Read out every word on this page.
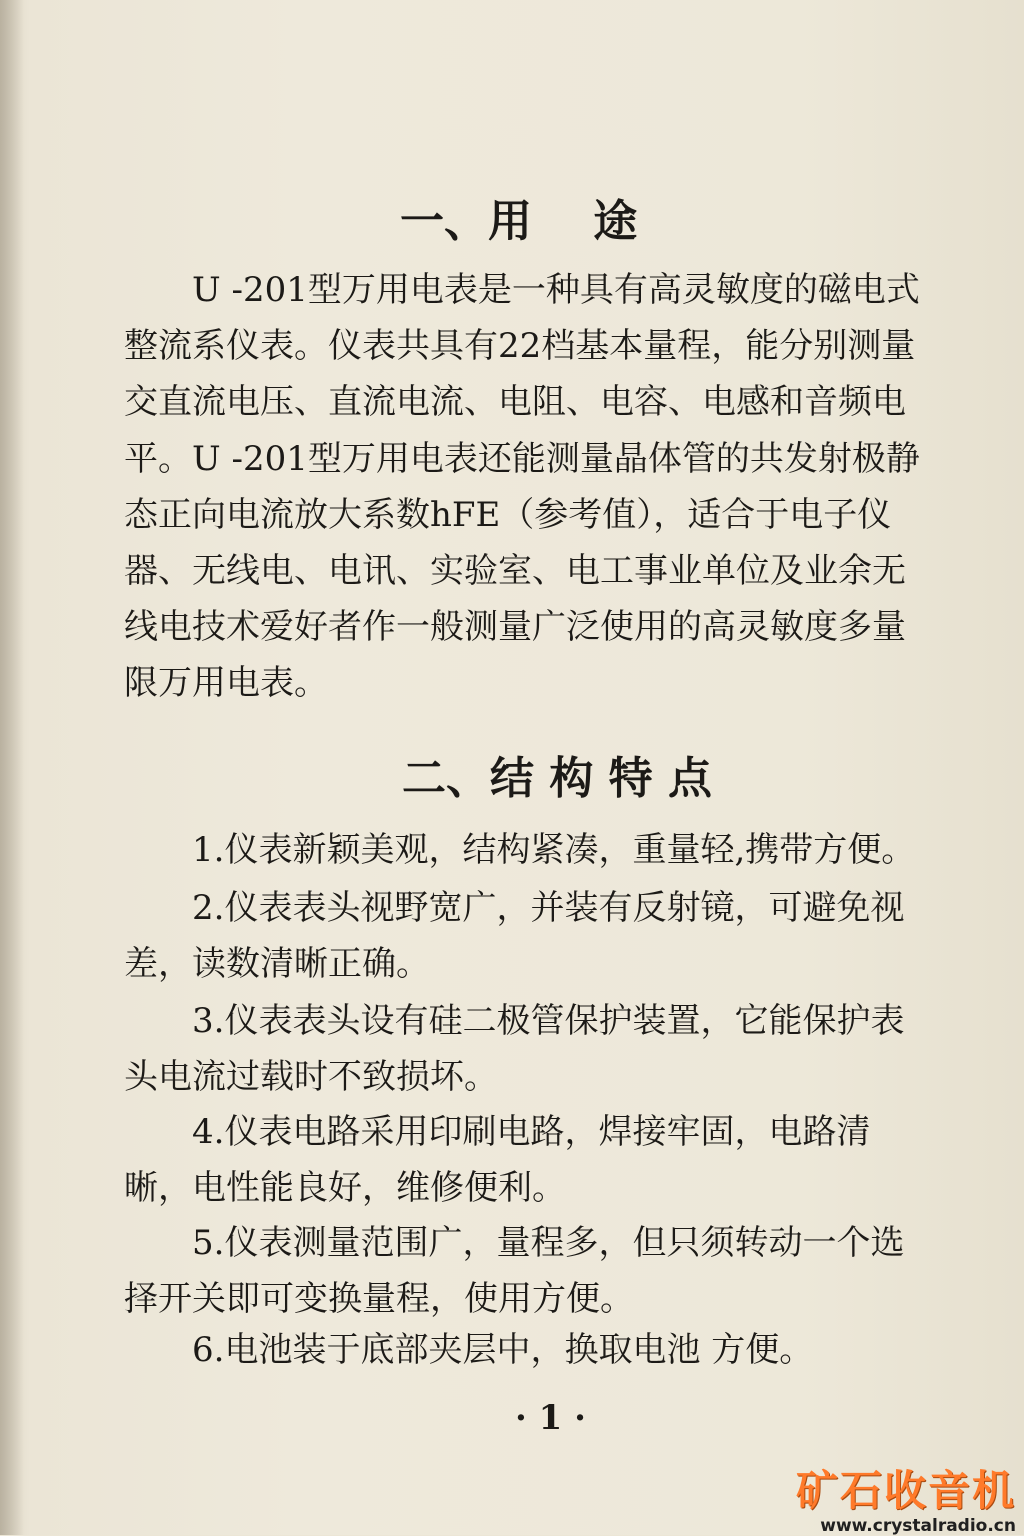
一、用    途
U -201型万用电表是一种具有高灵敏度的磁电式
整流系仪表。仪表共具有22档基本量程，能分别测量
交直流电压、直流电流、电阻、电容、电感和音频电
平。U -201型万用电表还能测量晶体管的共发射极静
态正向电流放大系数hFE（参考值），适合于电子仪
器、无线电、电讯、实验室、电工事业单位及业余无
线电技术爱好者作一般测量广泛使用的高灵敏度多量
限万用电表。
二、结 构 特 点
1.仪表新颖美观，结构紧凑，重量轻,携带方便。
2.仪表表头视野宽广，并装有反射镜，可避免视
差，读数清晰正确。
3.仪表表头设有硅二极管保护装置，它能保护表
头电流过载时不致损坏。
4.仪表电路采用印刷电路，焊接牢固，电路清
晰，电性能良好，维修便利。
5.仪表测量范围广，量程多，但只须转动一个选
择开关即可变换量程，使用方便。
6.电池装于底部夹层中，换取电池 方便。
· 1 ·
矿石收音机
www.crystalradio.cn
